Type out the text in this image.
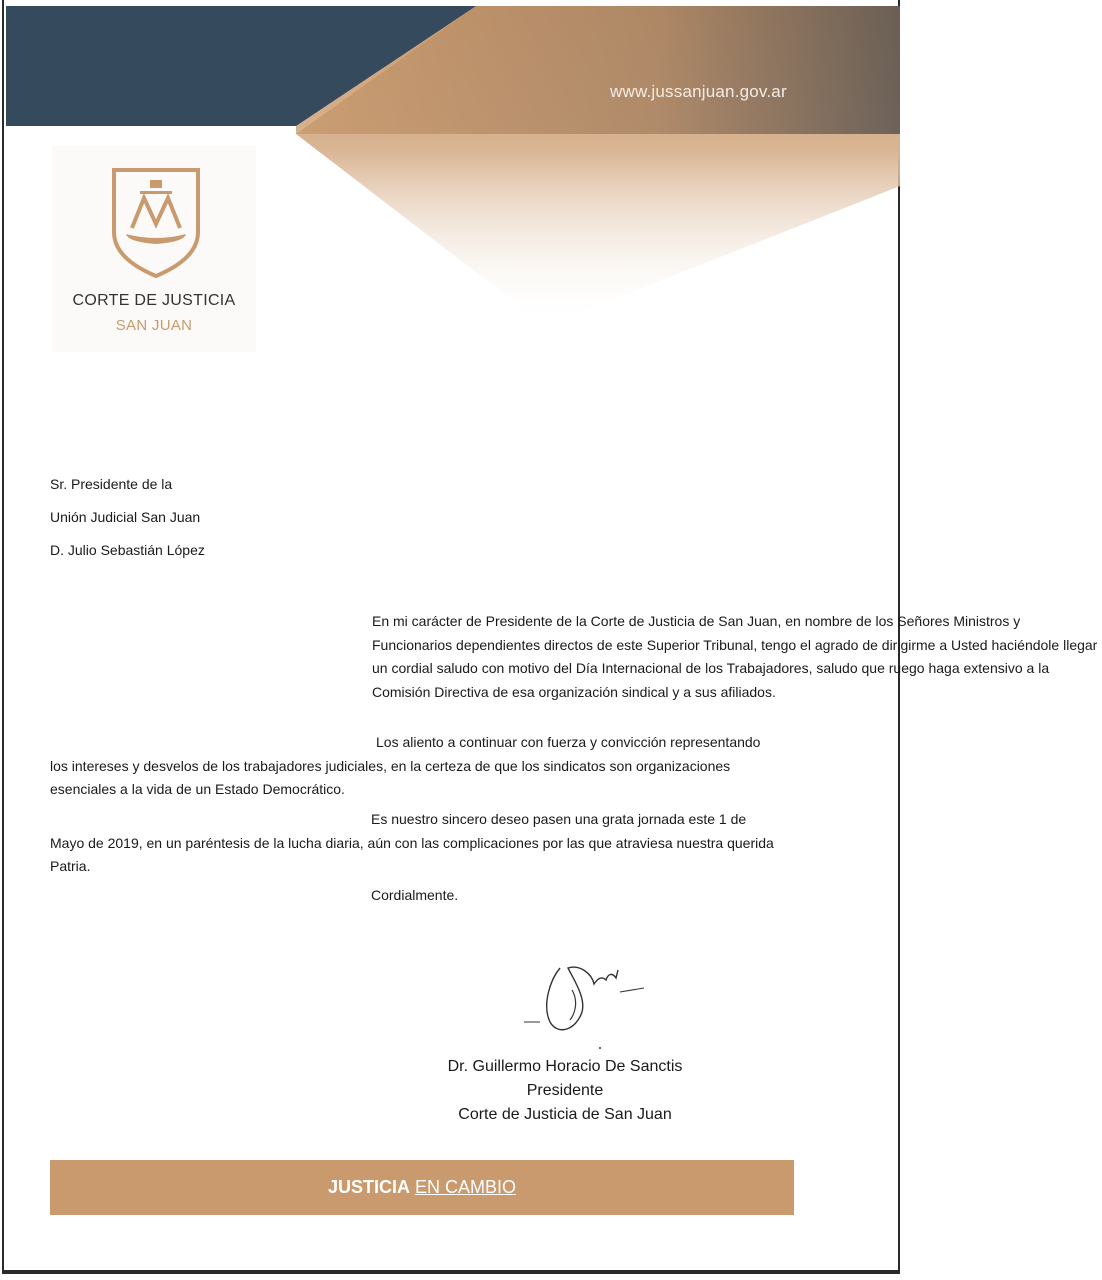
www.jussanjuan.gov.ar
CORTE DE JUSTICIA
SAN JUAN
Sr. Presidente de la
Unión Judicial San Juan
D. Julio Sebastián López

En mi carácter de Presidente de la Corte de Justicia de San Juan, en nombre de los Señores Ministros y Funcionarios dependientes directos de este Superior Tribunal, tengo el agrado de dirigirme a Usted haciéndole llegar un cordial saludo con motivo del Día Internacional de los Trabajadores, saludo que ruego haga extensivo a la Comisión Directiva de esa organización sindical y a sus afiliados.

Los aliento a continuar con fuerza y convicción representando los intereses y desvelos de los trabajadores judiciales, en la certeza de que los sindicatos son organizaciones esenciales a la vida de un Estado Democrático.

Es nuestro sincero deseo pasen una grata jornada este 1 de Mayo de 2019, en un paréntesis de la lucha diaria, aún con las complicaciones por las que atraviesa nuestra querida Patria.

Cordialmente.
Dr. Guillermo Horacio De Sanctis
Presidente
Corte de Justicia de San Juan
JUSTICIA EN CAMBIO
